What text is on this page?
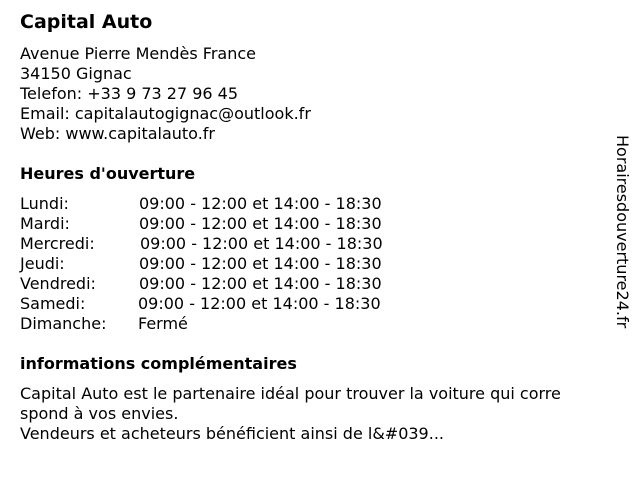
Capital Auto
Avenue Pierre Mendès France
34150 Gignac
Telefon: +33 9 73 27 96 45
Email: capitalautogignac@outlook.fr
Web: www.capitalauto.fr
Heures d'ouverture
Lundi:	09:00 - 12:00 et 14:00 - 18:30
Mardi:	09:00 - 12:00 et 14:00 - 18:30
Mercredi:	09:00 - 12:00 et 14:00 - 18:30
Jeudi:	09:00 - 12:00 et 14:00 - 18:30
Vendredi:	09:00 - 12:00 et 14:00 - 18:30
Samedi:	09:00 - 12:00 et 14:00 - 18:30
Dimanche: Fermé
informations complémentaires
Capital Auto est le partenaire idéal pour trouver la voiture qui corre
spond à vos envies.
Vendeurs et acheteurs bénéficient ainsi de l&#039...
Horairesdouverture24.fr
